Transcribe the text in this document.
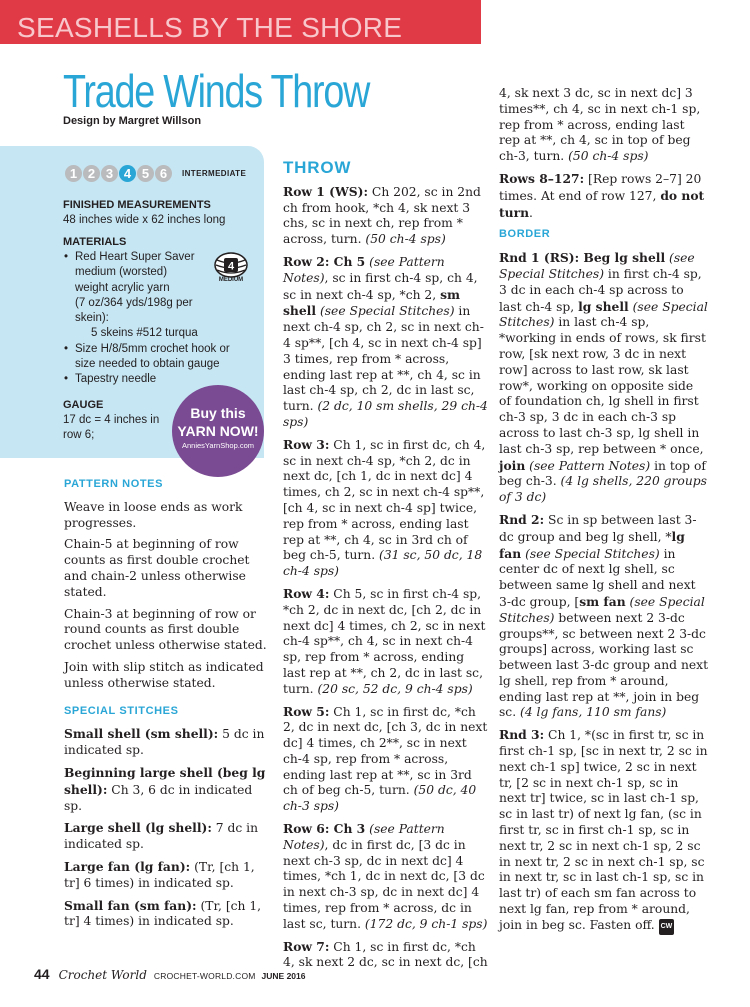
SEASHELLS BY THE SHORE
Trade Winds Throw
Design by Margret Willson
1 2 3 4 5 6	INTERMEDIATE
FINISHED MEASUREMENTS
48 inches wide x 62 inches long
MATERIALS
• Red Heart Super Saver
medium (worsted)
weight acrylic yarn
(7 oz/364 yds/198g per
skein):
5 skeins #512 turqua
• Size H/8/5mm crochet hook or
size needed to obtain gauge
• Tapestry needle
4
MEDIUM
GAUGE
17 dc = 4 inches in
row 6;
Buy this
YARN NOW!
AnniesYarnShop.com
PATTERN NOTES

Weave in loose ends as work progresses.

Chain-5 at beginning of row counts as first double crochet and chain-2 unless otherwise stated.

Chain-3 at beginning of row or round counts as first double crochet unless otherwise stated.

Join with slip stitch as indicated unless otherwise stated.

SPECIAL STITCHES

Small shell (sm shell): 5 dc in indicated sp.

Beginning large shell (beg lg shell): Ch 3, 6 dc in indicated sp.

Large shell (lg shell): 7 dc in indicated sp.

Large fan (lg fan): (Tr, [ch 1, tr] 6 times) in indicated sp.

Small fan (sm fan): (Tr, [ch 1, tr] 4 times) in indicated sp.

THROW

Row 1 (WS): Ch 202, sc in 2nd ch from hook, *ch 4, sk next 3 chs, sc in next ch, rep from * across, turn. (50 ch-4 sps)

Row 2: Ch 5 (see Pattern Notes), sc in first ch-4 sp, ch 4, sc in next ch-4 sp, *ch 2, sm shell (see Special Stitches) in next ch-4 sp, ch 2, sc in next ch-4 sp**, [ch 4, sc in next ch-4 sp] 3 times, rep from * across, ending last rep at **, ch 4, sc in last ch-4 sp, ch 2, dc in last sc, turn. (2 dc, 10 sm shells, 29 ch-4 sps)

Row 3: Ch 1, sc in first dc, ch 4, sc in next ch-4 sp, *ch 2, dc in next dc, [ch 1, dc in next dc] 4 times, ch 2, sc in next ch-4 sp**, [ch 4, sc in next ch-4 sp] twice, rep from * across, ending last rep at **, ch 4, sc in 3rd ch of beg ch-5, turn. (31 sc, 50 dc, 18 ch-4 sps)

Row 4: Ch 5, sc in first ch-4 sp, *ch 2, dc in next dc, [ch 2, dc in next dc] 4 times, ch 2, sc in next ch-4 sp**, ch 4, sc in next ch-4 sp, rep from * across, ending last rep at **, ch 2, dc in last sc, turn. (20 sc, 52 dc, 9 ch-4 sps)

Row 5: Ch 1, sc in first dc, *ch 2, dc in next dc, [ch 3, dc in next dc] 4 times, ch 2**, sc in next ch-4 sp, rep from * across, ending last rep at **, sc in 3rd ch of beg ch-5, turn. (50 dc, 40 ch-3 sps)

Row 6: Ch 3 (see Pattern Notes), dc in first dc, [3 dc in next ch-3 sp, dc in next dc] 4 times, *ch 1, dc in next dc, [3 dc in next ch-3 sp, dc in next dc] 4 times, rep from * across, dc in last sc, turn. (172 dc, 9 ch-1 sps)

Row 7: Ch 1, sc in first dc, *ch 4, sk next 2 dc, sc in next dc, [ch

4, sk next 3 dc, sc in next dc] 3 times**, ch 4, sc in next ch-1 sp, rep from * across, ending last rep at **, ch 4, sc in top of beg ch-3, turn. (50 ch-4 sps)

Rows 8–127: [Rep rows 2–7] 20 times. At end of row 127, do not turn.

BORDER

Rnd 1 (RS): Beg lg shell (see Special Stitches) in first ch-4 sp, 3 dc in each ch-4 sp across to last ch-4 sp, lg shell (see Special Stitches) in last ch-4 sp, *working in ends of rows, sk first row, [sk next row, 3 dc in next row] across to last row, sk last row*, working on opposite side of foundation ch, lg shell in first ch-3 sp, 3 dc in each ch-3 sp across to last ch-3 sp, lg shell in last ch-3 sp, rep between * once, join (see Pattern Notes) in top of beg ch-3. (4 lg shells, 220 groups of 3 dc)

Rnd 2: Sc in sp between last 3-dc group and beg lg shell, *lg fan (see Special Stitches) in center dc of next lg shell, sc between same lg shell and next 3-dc group, [sm fan (see Special Stitches) between next 2 3-dc groups**, sc between next 2 3-dc groups] across, working last sc between last 3-dc group and next lg shell, rep from * around, ending last rep at **, join in beg sc. (4 lg fans, 110 sm fans)

Rnd 3: Ch 1, *(sc in first tr, sc in first ch-1 sp, [sc in next tr, 2 sc in next ch-1 sp] twice, 2 sc in next tr, [2 sc in next ch-1 sp, sc in next tr] twice, sc in last ch-1 sp, sc in last tr) of next lg fan, (sc in first tr, sc in first ch-1 sp, sc in next tr, 2 sc in next ch-1 sp, 2 sc in next tr, 2 sc in next ch-1 sp, sc in next tr, sc in last ch-1 sp, sc in last tr) of each sm fan across to next lg fan, rep from * around, join in beg sc. Fasten off. CW

44 Crochet World CROCHET-WORLD.COM JUNE 2016
